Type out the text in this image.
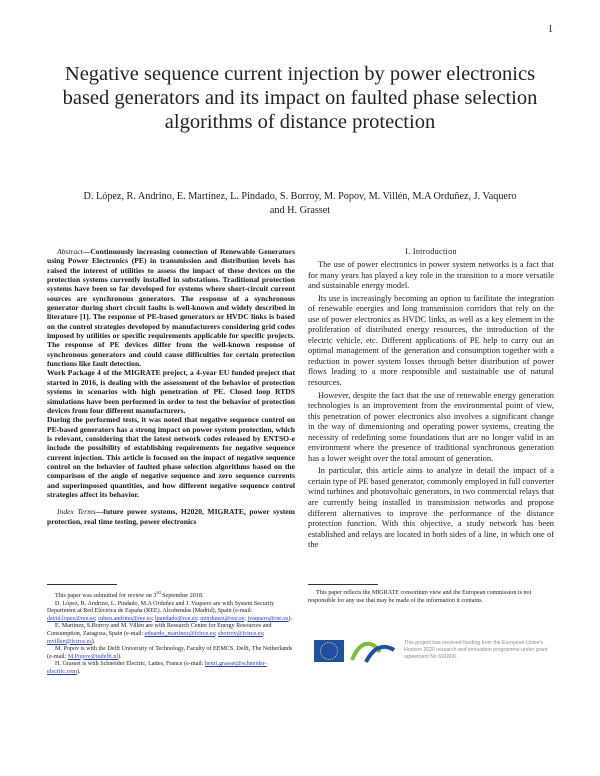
1
Negative sequence current injection by power electronics based generators and its impact on faulted phase selection algorithms of distance protection
D. López, R. Andrino, E. Martínez, L. Pindado, S. Borroy, M. Popov, M. Villén, M.A Orduñez, J. Vaquero and H. Grasset

Abstract—Continuously increasing connection of Renewable Generators using Power Electronics (PE) in transmission and distribution levels has raised the interest of utilities to assess the impact of these devices on the protection systems currently installed in substations. Traditional protection systems have been so far developed for systems where short-circuit current sources are synchronous generators. The response of a synchronous generator during short circuit faults is well-known and widely described in literature [1]. The response of PE-based generators or HVDC links is based on the control strategies developed by manufacturers considering grid codes imposed by utilities or specific requirements applicable for specific projects. The response of PE devices differ from the well-known response of synchronous generators and could cause difficulties for certain protection functions like fault detection.

Work Package 4 of the MIGRATE project, a 4-year EU funded project that started in 2016, is dealing with the assessment of the behavior of protection systems in scenarios with high penetration of PE. Closed loop RTDS simulations have been performed in order to test the behavior of protection devices from four different manufacturers.

During the performed tests, it was noted that negative sequence control on PE-based generators has a strong impact on power system protection, which is relevant, considering that the latest network codes released by ENTSO-e include the possibility of establishing requirements for negative sequence current injection. This article is focused on the impact of negative sequence control on the behavior of faulted phase selection algorithms based on the comparison of the angle of negative sequence and zero sequence currents and superimposed quantities, and how different negative sequence control strategies affect its behavior.

Index Terms—future power systems, H2020, MIGRATE, power system protection, real time testing, power electronics
I. Introduction

The use of power electronics in power system networks is a fact that for many years has played a key role in the transition to a more versatile and sustainable energy model.

Its use is increasingly becoming an option to facilitate the integration of renewable energies and long transmission corridors that rely on the use of power electronics as HVDC links, as well as a key element in the proliferation of distributed energy resources, the introduction of the electric vehicle, etc. Different applications of PE help to carry out an optimal management of the generation and consumption together with a reduction in power system losses through better distribution of power flows leading to a more responsible and sustainable use of natural resources.

However, despite the fact that the use of renewable energy generation technologies is an improvement from the environmental point of view, this penetration of power electronics also involves a significant change in the way of dimensioning and operating power systems, creating the necessity of redefining some foundations that are no longer valid in an environment where the presence of traditional synchronous generation has a lower weight over the total amount of generation.

In particular, this article aims to analyze in detail the impact of a certain type of PE based generator, commonly employed in full converter wind turbines and photovoltaic generators, in two commercial relays that are currently being installed in transmission networks and propose different alternatives to improve the performance of the distance protection function. With this objective, a study network has been established and relays are located in both sides of a line, in which one of the

This paper was submitted for review on 3rd September 2018.

D. López, R. Andrino, L. Pindado, M.A Orduñez and J. Vaquero are with System Security Department at Red Eléctrica de España (REE). Alcobendas (Madrid), Spain (e-mail: david.lopez@ree.es; ruben.andrino@ree.es; lpandado@ree.es; mordunez@ree.es; jvaquero@ree.es).

E. Martínez, S.Borroy and M. Villén are with Research Centre for Energy Resources and Consumption, Zaragoza, Spain (e-mail: eduardo_martinez@fcirce.es; sborroy@fcirce.es; mvillen@fcirce.es).

M. Popov is with the Delft University of Technology, Faculty of EEMCS, Delft, The Netherlands (e-mail: M.Popov@tudelft.nl).

H. Grasset is with Schneider Electric, Lattes, France (e-mail: henri.grasset@schneider-electric.com).

This paper reflects the MIGRATE consortium view and the European commission is not responsible for any use that may be made of the information it contains.

This project has received funding from the European Union's Horizon 2020 research and innovation programme under grant agreement No 691800.
